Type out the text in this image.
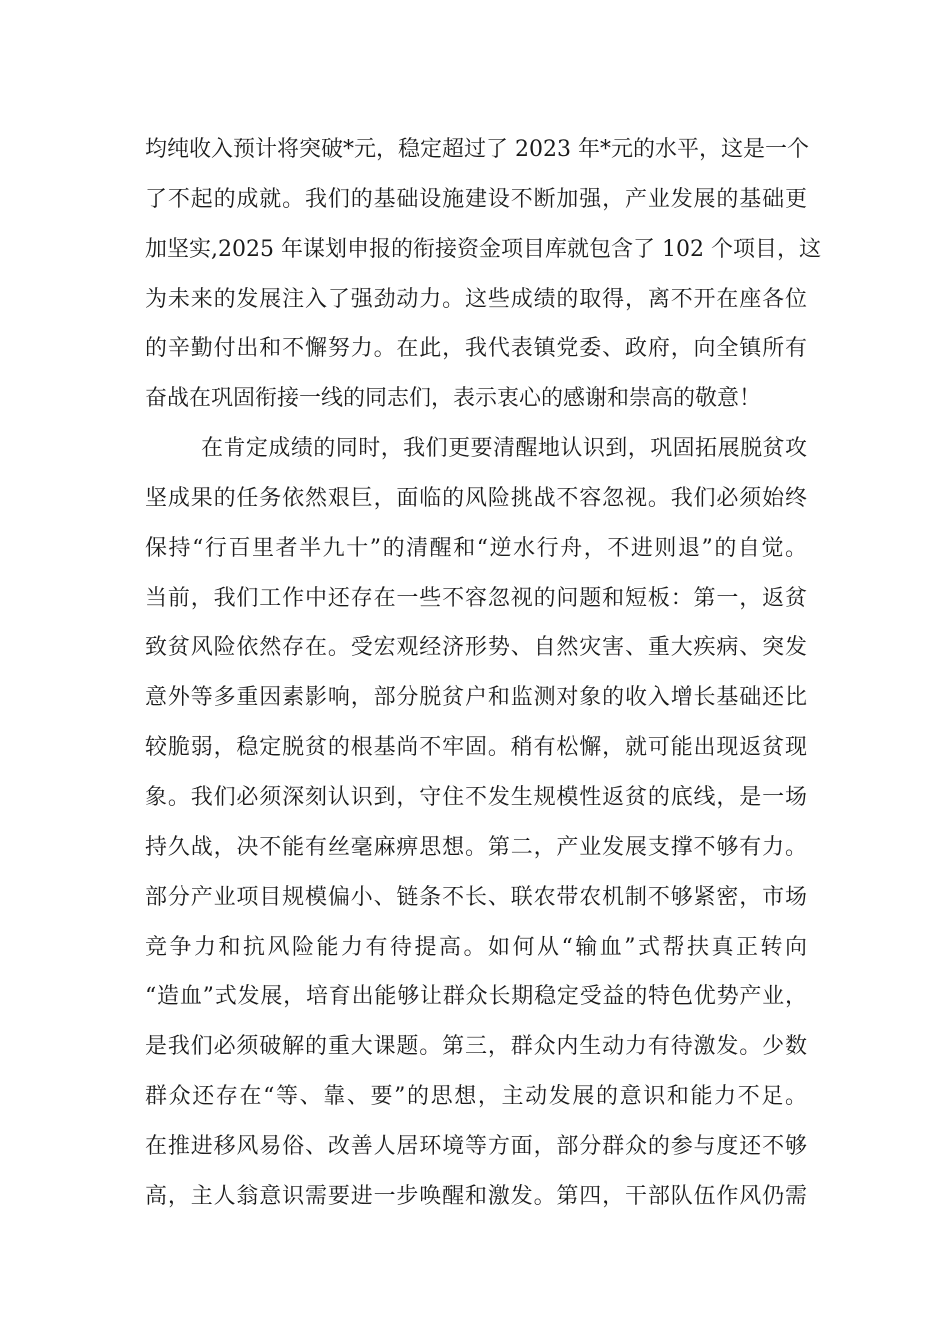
均纯收入预计将突破*元，稳定超过了 2023 年*元的水平，这是一个
了不起的成就。我们的基础设施建设不断加强，产业发展的基础更
加坚实,2025 年谋划申报的衔接资金项目库就包含了 102 个项目，这
为未来的发展注入了强劲动力。这些成绩的取得，离不开在座各位
的辛勤付出和不懈努力。在此，我代表镇党委、政府，向全镇所有
奋战在巩固衔接一线的同志们，表示衷心的感谢和崇高的敬意！
在肯定成绩的同时，我们更要清醒地认识到，巩固拓展脱贫攻
坚成果的任务依然艰巨，面临的风险挑战不容忽视。我们必须始终
保持“行百里者半九十”的清醒和“逆水行舟，不进则退”的自觉。
当前，我们工作中还存在一些不容忽视的问题和短板：第一，返贫
致贫风险依然存在。受宏观经济形势、自然灾害、重大疾病、突发
意外等多重因素影响，部分脱贫户和监测对象的收入增长基础还比
较脆弱，稳定脱贫的根基尚不牢固。稍有松懈，就可能出现返贫现
象。我们必须深刻认识到，守住不发生规模性返贫的底线，是一场
持久战，决不能有丝毫麻痹思想。第二，产业发展支撑不够有力。
部分产业项目规模偏小、链条不长、联农带农机制不够紧密，市场
竞争力和抗风险能力有待提高。如何从“输血”式帮扶真正转向
“造血”式发展，培育出能够让群众长期稳定受益的特色优势产业，
是我们必须破解的重大课题。第三，群众内生动力有待激发。少数
群众还存在“等、靠、要”的思想，主动发展的意识和能力不足。
在推进移风易俗、改善人居环境等方面，部分群众的参与度还不够
高，主人翁意识需要进一步唤醒和激发。第四，干部队伍作风仍需
